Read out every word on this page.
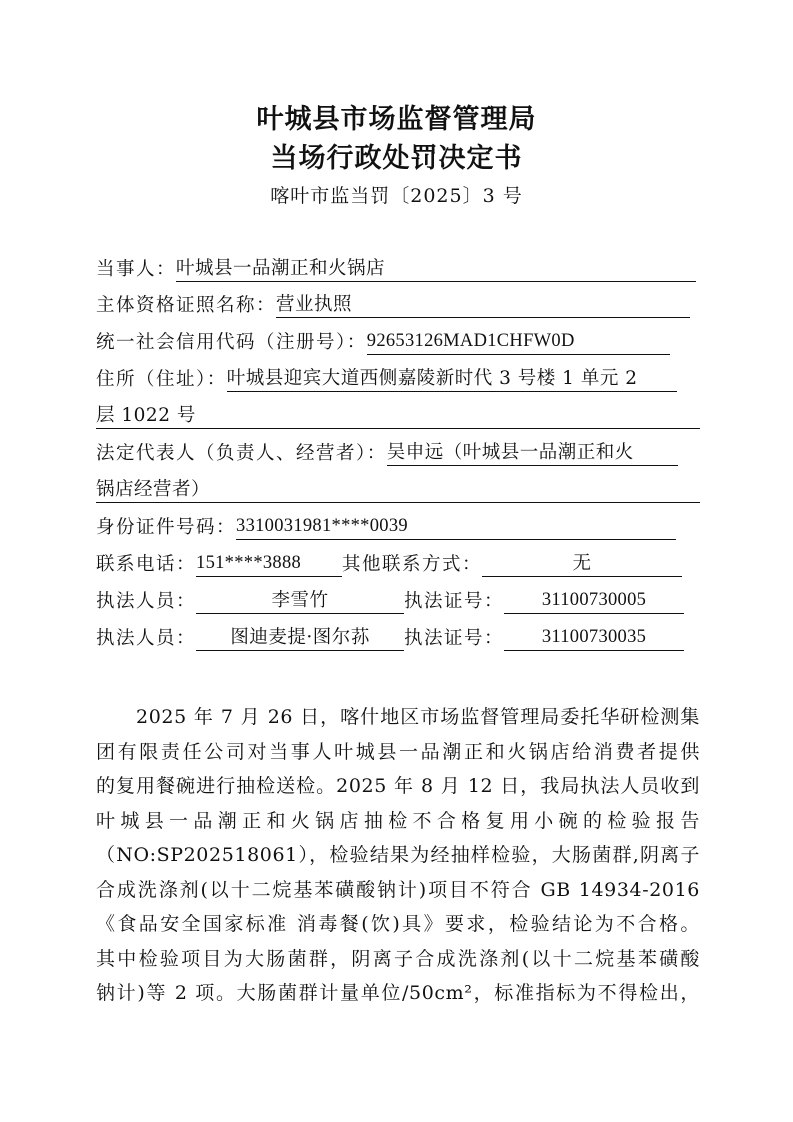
叶城县市场监督管理局
当场行政处罚决定书
喀叶市监当罚〔2025〕3 号
当事人：叶城县一品潮正和火锅店
主体资格证照名称：营业执照
统一社会信用代码（注册号）：92653126MAD1CHFW0D
住所（住址）：叶城县迎宾大道西侧嘉陵新时代 3 号楼 1 单元 2
层 1022 号
法定代表人（负责人、经营者）：吴申远（叶城县一品潮正和火
锅店经营者）
身份证件号码：3310031981****0039
联系电话：151****3888 其他联系方式：	无
执法人员：	李雪竹	执法证号： 31100730005
执法人员： 图迪麦提·图尔荪 执法证号： 31100730035
　　2025 年 7 月 26 日，喀什地区市场监督管理局委托华研检测集
团有限责任公司对当事人叶城县一品潮正和火锅店给消费者提供
的复用餐碗进行抽检送检。2025 年 8 月 12 日，我局执法人员收到
叶城县一品潮正和火锅店抽检不合格复用小碗的检验报告
（NO:SP202518061），检验结果为经抽样检验，大肠菌群,阴离子
合成洗涤剂(以十二烷基苯磺酸钠计)项目不符合 GB 14934-2016
《食品安全国家标准 消毒餐(饮)具》要求，检验结论为不合格。
其中检验项目为大肠菌群，阴离子合成洗涤剂(以十二烷基苯磺酸
钠计)等 2 项。大肠菌群计量单位/50cm²，标准指标为不得检出，
